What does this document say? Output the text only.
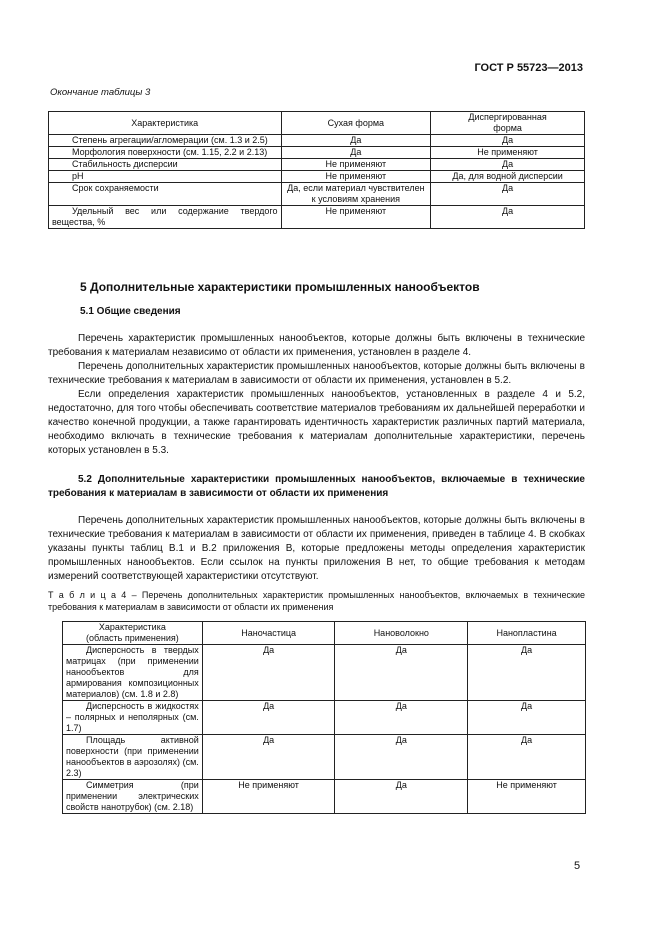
ГОСТ Р 55723—2013
Окончание таблицы 3
Характеристика	Сухая форма	Диспергированная
форма
Степень агрегации/агломерации (см. 1.3 и 2.5)	Да	Да
Морфология поверхности (см. 1.15, 2.2 и 2.13)	Да	Не применяют
Стабильность дисперсии	Не применяют	Да
pH	Не применяют	Да, для водной дисперсии
Срок сохраняемости	Да, если материал чувствителен к условиям хранения	Да
Удельный вес или содержание твердого вещества, %	Не применяют	Да
5 Дополнительные характеристики промышленных нанообъектов
5.1 Общие сведения

Перечень характеристик промышленных нанообъектов, которые должны быть включены в технические требования к материалам независимо от области их применения, установлен в разделе 4.

Перечень дополнительных характеристик промышленных нанообъектов, которые должны быть включены в технические требования к материалам в зависимости от области их применения, установлен в 5.2.

Если определения характеристик промышленных нанообъектов, установленных в разделе 4 и 5.2, недостаточно, для того чтобы обеспечивать соответствие материалов требованиям их дальнейшей переработки и качество конечной продукции, а также гарантировать идентичность характеристик различных партий материала, необходимо включать в технические требования к материалам дополнительные характеристики, перечень которых установлен в 5.3.

5.2 Дополнительные характеристики промышленных нанообъектов, включаемые в технические требования к материалам в зависимости от области их применения

Перечень дополнительных характеристик промышленных нанообъектов, которые должны быть включены в технические требования к материалам в зависимости от области их применения, приведен в таблице 4. В скобках указаны пункты таблиц В.1 и В.2 приложения В, которые предложены методы определения характеристик промышленных нанообъектов. Если ссылок на пункты приложения В нет, то общие требования к методам измерений соответствующей характеристики отсутствуют.

Т а б л и ц а 4 – Перечень дополнительных характеристик промышленных нанообъектов, включаемых в технические требования к материалам в зависимости от области их применения
Характеристика
(область применения)	Наночастица	Нановолокно	Нанопластина
Дисперсность в твердых матрицах (при применении нанообъектов для армирования композиционных материалов) (см. 1.8 и 2.8)	Да	Да	Да
Дисперсность в жидкостях – полярных и неполярных (см. 1.7)	Да	Да	Да
Площадь активной поверхности (при применении нанообъектов в аэрозолях) (см. 2.3)	Да	Да	Да
Симметрия (при применении электрических свойств нанотрубок) (см. 2.18)	Не применяют	Да	Не применяют
5
